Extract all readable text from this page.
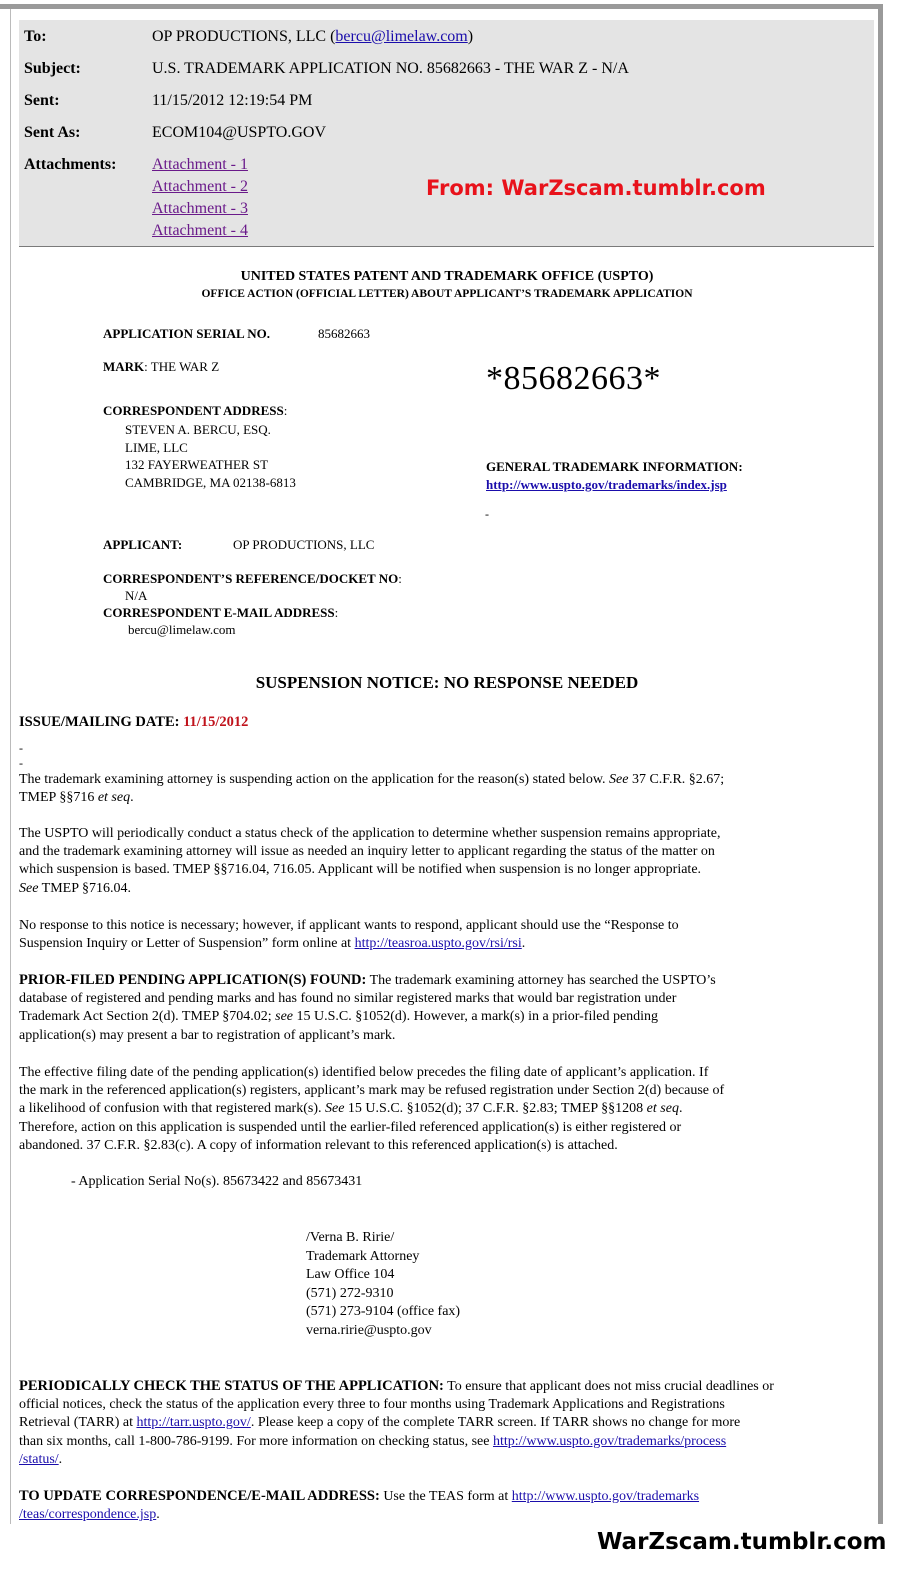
To:	OP PRODUCTIONS, LLC (bercu@limelaw.com)
Subject:	U.S. TRADEMARK APPLICATION NO. 85682663 - THE WAR Z - N/A
Sent:	11/15/2012 12:19:54 PM
Sent As:	ECOM104@USPTO.GOV
Attachments: Attachment - 1
Attachment - 2
Attachment - 3
Attachment - 4
From: WarZscam.tumblr.com
UNITED STATES PATENT AND TRADEMARK OFFICE (USPTO)
OFFICE ACTION (OFFICIAL LETTER) ABOUT APPLICANT’S TRADEMARK APPLICATION
APPLICATION SERIAL NO.	85682663
MARK: THE WAR Z	*85682663*
CORRESPONDENT ADDRESS:
STEVEN A. BERCU, ESQ.
LIME, LLC
132 FAYERWEATHER ST
CAMBRIDGE, MA 02138-6813
GENERAL TRADEMARK INFORMATION:
http://www.uspto.gov/trademarks/index.jsp
-
APPLICANT:	OP PRODUCTIONS, LLC
CORRESPONDENT’S REFERENCE/DOCKET NO:
N/A
CORRESPONDENT E-MAIL ADDRESS:
bercu@limelaw.com
SUSPENSION NOTICE: NO RESPONSE NEEDED
ISSUE/MAILING DATE: 11/15/2012
-
-
The trademark examining attorney is suspending action on the application for the reason(s) stated below. See 37 C.F.R. §2.67;
TMEP §§716 et seq.
The USPTO will periodically conduct a status check of the application to determine whether suspension remains appropriate,
and the trademark examining attorney will issue as needed an inquiry letter to applicant regarding the status of the matter on
which suspension is based. TMEP §§716.04, 716.05. Applicant will be notified when suspension is no longer appropriate.
See TMEP §716.04.
No response to this notice is necessary; however, if applicant wants to respond, applicant should use the “Response to
Suspension Inquiry or Letter of Suspension” form online at http://teasroa.uspto.gov/rsi/rsi.
PRIOR-FILED PENDING APPLICATION(S) FOUND: The trademark examining attorney has searched the USPTO’s
database of registered and pending marks and has found no similar registered marks that would bar registration under
Trademark Act Section 2(d). TMEP §704.02; see 15 U.S.C. §1052(d). However, a mark(s) in a prior-filed pending
application(s) may present a bar to registration of applicant’s mark.
The effective filing date of the pending application(s) identified below precedes the filing date of applicant’s application. If
the mark in the referenced application(s) registers, applicant’s mark may be refused registration under Section 2(d) because of
a likelihood of confusion with that registered mark(s). See 15 U.S.C. §1052(d); 37 C.F.R. §2.83; TMEP §§1208 et seq.
Therefore, action on this application is suspended until the earlier-filed referenced application(s) is either registered or
abandoned. 37 C.F.R. §2.83(c). A copy of information relevant to this referenced application(s) is attached.
- Application Serial No(s). 85673422 and 85673431
/Verna B. Ririe/
Trademark Attorney
Law Office 104
(571) 272-9310
(571) 273-9104 (office fax)
verna.ririe@uspto.gov
PERIODICALLY CHECK THE STATUS OF THE APPLICATION: To ensure that applicant does not miss crucial deadlines or
official notices, check the status of the application every three to four months using Trademark Applications and Registrations
Retrieval (TARR) at http://tarr.uspto.gov/. Please keep a copy of the complete TARR screen. If TARR shows no change for more
than six months, call 1-800-786-9199. For more information on checking status, see http://www.uspto.gov/trademarks/process
/status/.
TO UPDATE CORRESPONDENCE/E-MAIL ADDRESS: Use the TEAS form at http://www.uspto.gov/trademarks
/teas/correspondence.jsp.
WarZscam.tumblr.com
